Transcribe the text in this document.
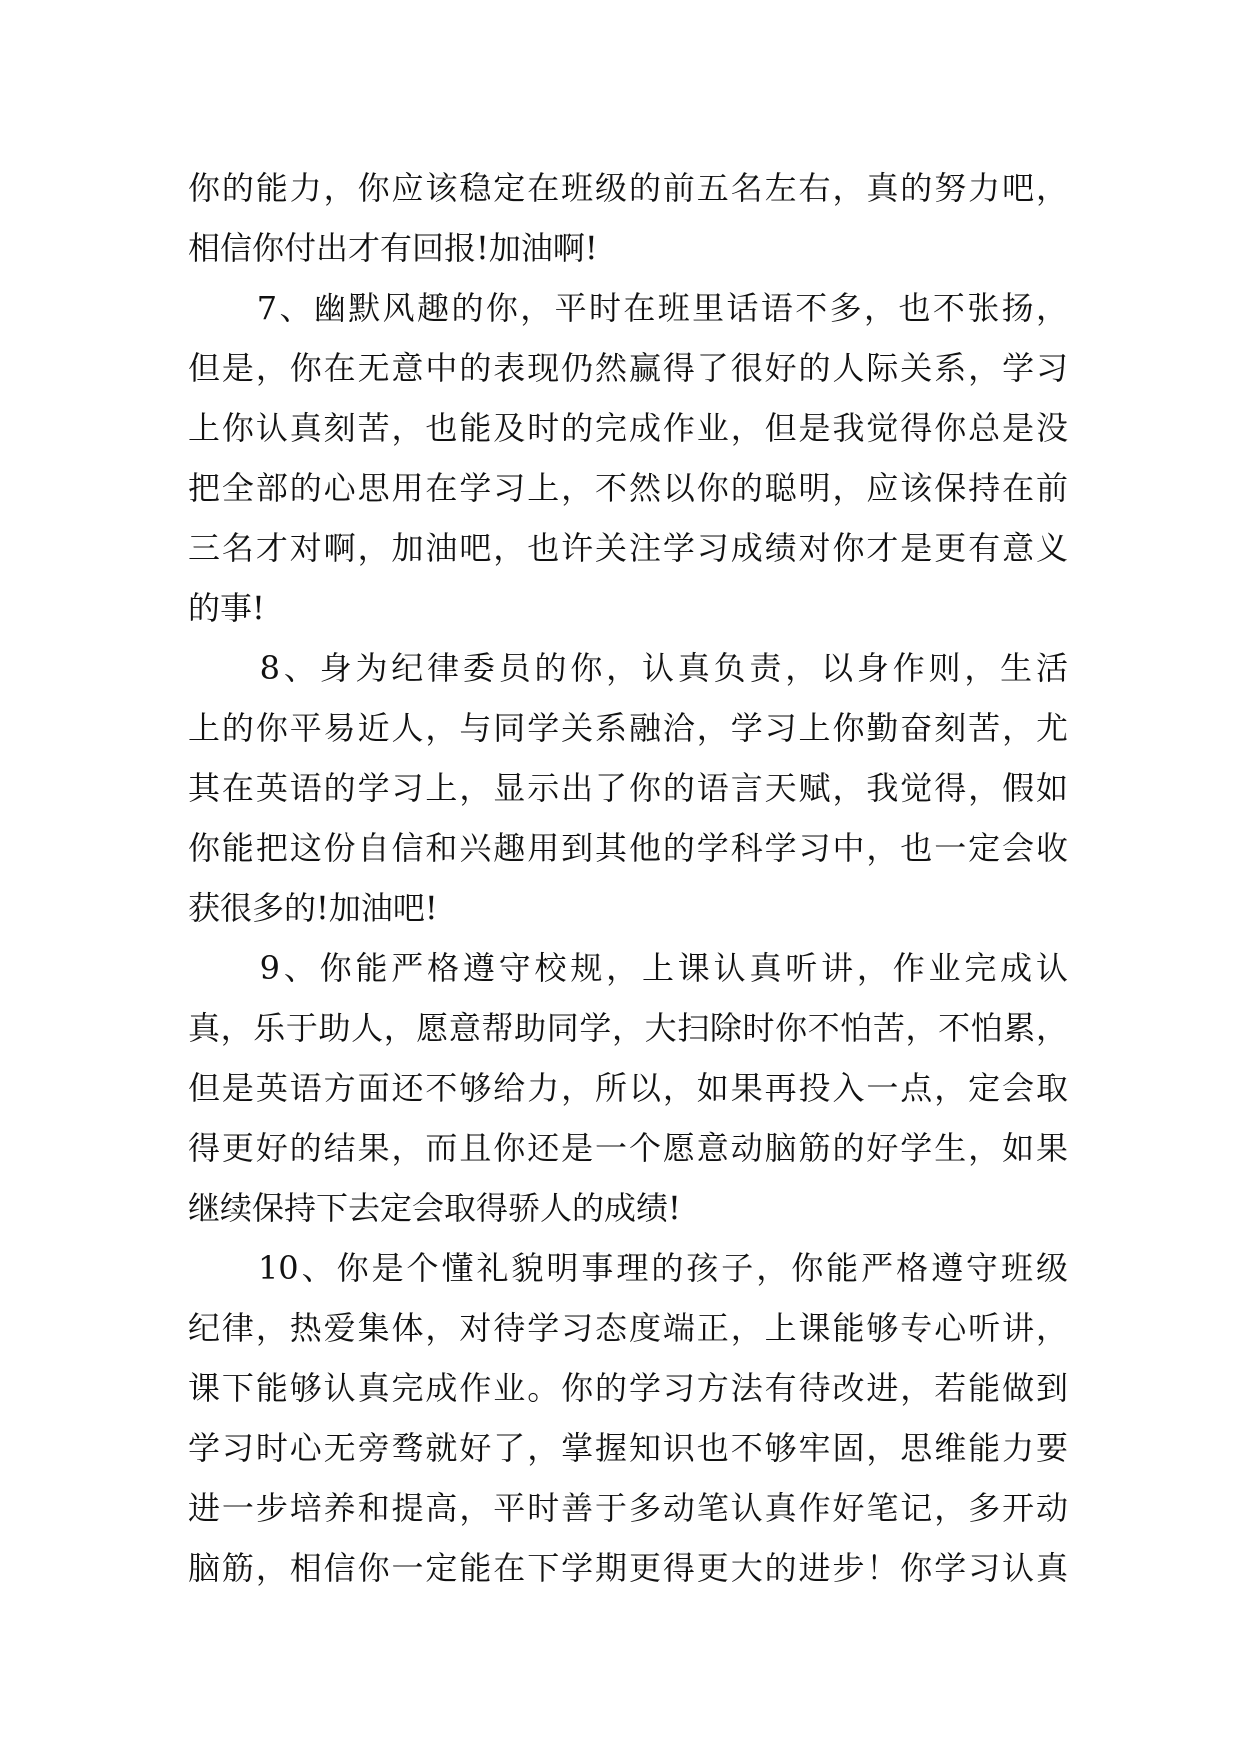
你的能力，你应该稳定在班级的前五名左右，真的努力吧，
相信你付出才有回报!加油啊!
　　7、幽默风趣的你，平时在班里话语不多，也不张扬，
但是，你在无意中的表现仍然赢得了很好的人际关系，学习
上你认真刻苦，也能及时的完成作业，但是我觉得你总是没
把全部的心思用在学习上，不然以你的聪明，应该保持在前
三名才对啊，加油吧，也许关注学习成绩对你才是更有意义
的事!
　　8、身为纪律委员的你，认真负责，以身作则，生活
上的你平易近人，与同学关系融洽，学习上你勤奋刻苦，尤
其在英语的学习上，显示出了你的语言天赋，我觉得，假如
你能把这份自信和兴趣用到其他的学科学习中，也一定会收
获很多的!加油吧!
　　9、你能严格遵守校规，上课认真听讲，作业完成认
真，乐于助人，愿意帮助同学，大扫除时你不怕苦，不怕累，
但是英语方面还不够给力，所以，如果再投入一点，定会取
得更好的结果，而且你还是一个愿意动脑筋的好学生，如果
继续保持下去定会取得骄人的成绩!
　　10、你是个懂礼貌明事理的孩子，你能严格遵守班级
纪律，热爱集体，对待学习态度端正，上课能够专心听讲，
课下能够认真完成作业。你的学习方法有待改进，若能做到
学习时心无旁骛就好了，掌握知识也不够牢固，思维能力要
进一步培养和提高，平时善于多动笔认真作好笔记，多开动
脑筋，相信你一定能在下学期更得更大的进步！你学习认真
